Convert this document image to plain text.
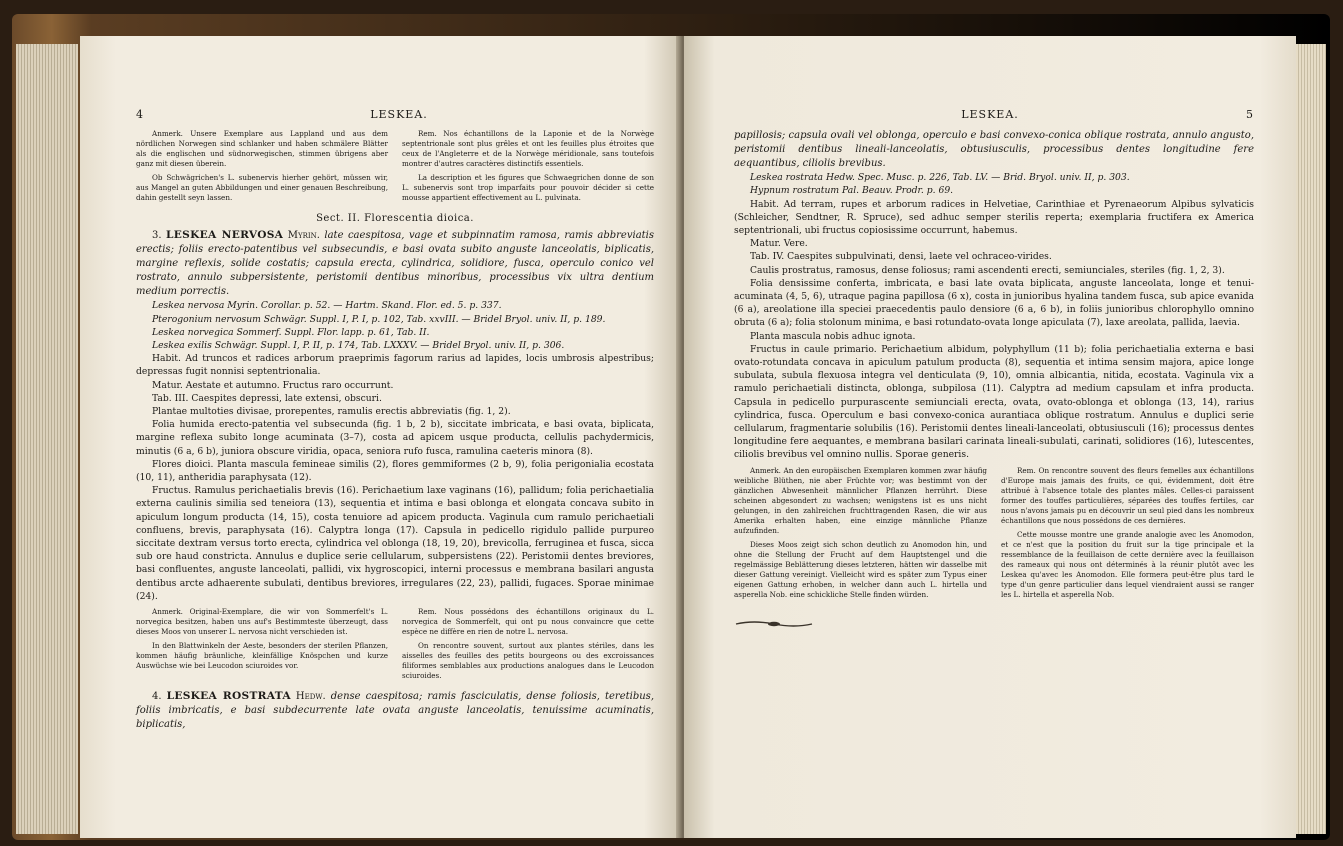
4	LESKEA.

Anmerk. Unsere Exemplare aus Lappland und aus dem nördlichen Norwegen sind schlanker und haben schmälere Blätter als die englischen und südnorwegischen, stimmen übrigens aber ganz mit diesen überein.

Ob Schwägrichen's L. subenervis hierher gehört, müssen wir, aus Mangel an guten Abbildungen und einer genauen Beschreibung, dahin gestellt seyn lassen.

Rem. Nos échantillons de la Laponie et de la Norwège septentrionale sont plus grêles et ont les feuilles plus étroites que ceux de l'Angleterre et de la Norwège méridionale, sans toutefois montrer d'autres caractères distinctifs essentiels.

La description et les figures que Schwaegrichen donne de son L. subenervis sont trop imparfaits pour pouvoir décider si cette mousse appartient effectivement au L. pulvinata.

Sect. II. Florescentia dioica.

3. LESKEA NERVOSA Myrin. late caespitosa, vage et subpinnatim ramosa, ramis abbreviatis erectis; foliis erecto-patentibus vel subsecundis, e basi ovata subito anguste lanceolatis, biplicatis, margine reflexis, solide costatis; capsula erecta, cylindrica, solidiore, fusca, operculo conico vel rostrato, annulo subpersistente, peristomii dentibus minoribus, processibus vix ultra dentium medium porrectis.

Leskea nervosa Myrin. Corollar. p. 52. — Hartm. Skand. Flor. ed. 5. p. 337.

Pterogonium nervosum Schwägr. Suppl. I, P. I, p. 102, Tab. xxvIII. — Bridel Bryol. univ. II, p. 189.

Leskea norvegica Sommerf. Suppl. Flor. lapp. p. 61, Tab. II.

Leskea exilis Schwägr. Suppl. I, P. II, p. 174, Tab. LXXXV. — Bridel Bryol. univ. II, p. 306.

Habit. Ad truncos et radices arborum praeprimis fagorum rarius ad lapides, locis umbrosis alpestribus; depressas fugit nonnisi septentrionalia.

Matur. Aestate et autumno. Fructus raro occurrunt.

Tab. III. Caespites depressi, late extensi, obscuri.

Plantae multoties divisae, prorepentes, ramulis erectis abbreviatis (fig. 1, 2).

Folia humida erecto-patentia vel subsecunda (fig. 1 b, 2 b), siccitate imbricata, e basi ovata, biplicata, margine reflexa subito longe acuminata (3–7), costa ad apicem usque producta, cellulis pachydermicis, minutis (6 a, 6 b), juniora obscure viridia, opaca, seniora rufo fusca, ramulina caeteris minora (8).

Flores dioici. Planta mascula femineae similis (2), flores gemmiformes (2 b, 9), folia perigonialia ecostata (10, 11), antheridia paraphysata (12).

Fructus. Ramulus perichaetialis brevis (16). Perichaetium laxe vaginans (16), pallidum; folia perichaetialia externa caulinis similia sed teneiora (13), sequentia et intima e basi oblonga et elongata concava subito in apiculum longum producta (14, 15), costa tenuiore ad apicem producta. Vaginula cum ramulo perichaetiali confluens, brevis, paraphysata (16). Calyptra longa (17). Capsula in pedicello rigidulo pallide purpureo siccitate dextram versus torto erecta, cylindrica vel oblonga (18, 19, 20), brevicolla, ferruginea et fusca, sicca sub ore haud constricta. Annulus e duplice serie cellularum, subpersistens (22). Peristomii dentes breviores, basi confluentes, anguste lanceolati, pallidi, vix hygroscopici, interni processus e membrana basilari angusta dentibus arcte adhaerente subulati, dentibus breviores, irregulares (22, 23), pallidi, fugaces. Sporae minimae (24).

Anmerk. Original-Exemplare, die wir von Sommerfelt's L. norvegica besitzen, haben uns auf's Bestimmteste überzeugt, dass dieses Moos von unserer L. nervosa nicht verschieden ist.

In den Blattwinkeln der Aeste, besonders der sterilen Pflanzen, kommen häufig bräunliche, kleinfällige Knöspchen und kurze Auswüchse wie bei Leucodon sciuroides vor.

Rem. Nous possédons des échantillons originaux du L. norvegica de Sommerfelt, qui ont pu nous convaincre que cette espèce ne diffère en rien de notre L. nervosa.

On rencontre souvent, surtout aux plantes stériles, dans les aisselles des feuilles des petits bourgeons ou des excroissances filiformes semblables aux productions analogues dans le Leucodon sciuroides.

4. LESKEA ROSTRATA Hedw. dense caespitosa; ramis fasciculatis, dense foliosis, teretibus, foliis imbricatis, e basi subdecurrente late ovata anguste lanceolatis, tenuissime acuminatis, biplicatis,

LESKEA.	5

papillosis; capsula ovali vel oblonga, operculo e basi convexo-conica oblique rostrata, annulo angusto, peristomii dentibus lineali-lanceolatis, obtusiusculis, processibus dentes longitudine fere aequantibus, ciliolis brevibus.

Leskea rostrata Hedw. Spec. Musc. p. 226, Tab. LV. — Brid. Bryol. univ. II, p. 303.

Hypnum rostratum Pal. Beauv. Prodr. p. 69.

Habit. Ad terram, rupes et arborum radices in Helvetiae, Carinthiae et Pyrenaeorum Alpibus sylvaticis (Schleicher, Sendtner, R. Spruce), sed adhuc semper sterilis reperta; exemplaria fructifera ex America septentrionali, ubi fructus copiosissime occurrunt, habemus.

Matur. Vere.

Tab. IV. Caespites subpulvinati, densi, laete vel ochraceo-virides.

Caulis prostratus, ramosus, dense foliosus; rami ascendenti erecti, semiunciales, steriles (fig. 1, 2, 3).

Folia densissime conferta, imbricata, e basi late ovata biplicata, anguste lanceolata, longe et tenui-acuminata (4, 5, 6), utraque pagina papillosa (6 x), costa in junioribus hyalina tandem fusca, sub apice evanida (6 a), areolatione illa speciei praecedentis paulo densiore (6 a, 6 b), in foliis junioribus chlorophyllo omnino obruta (6 a); folia stolonum minima, e basi rotundato-ovata longe apiculata (7), laxe areolata, pallida, laevia.

Planta mascula nobis adhuc ignota.

Fructus in caule primario. Perichaetium albidum, polyphyllum (11 b); folia perichaetialia externa e basi ovato-rotundata concava in apiculum patulum producta (8), sequentia et intima sensim majora, apice longe subulata, subula flexuosa integra vel denticulata (9, 10), omnia albicantia, nitida, ecostata. Vaginula vix a ramulo perichaetiali distincta, oblonga, subpilosa (11). Calyptra ad medium capsulam et infra producta. Capsula in pedicello purpurascente semiunciali erecta, ovata, ovato-oblonga et oblonga (13, 14), rarius cylindrica, fusca. Operculum e basi convexo-conica aurantiaca oblique rostratum. Annulus e duplici serie cellularum, fragmentarie solubilis (16). Peristomii dentes lineali-lanceolati, obtusiusculi (16); processus dentes longitudine fere aequantes, e membrana basilari carinata lineali-subulati, carinati, solidiores (16), lutescentes, ciliolis brevibus vel omnino nullis. Sporae generis.

Anmerk. An den europäischen Exemplaren kommen zwar häufig weibliche Blüthen, nie aber Früchte vor; was bestimmt von der gänzlichen Abwesenheit männlicher Pflanzen herrührt. Diese scheinen abgesondert zu wachsen; wenigstens ist es uns nicht gelungen, in den zahlreichen fruchttragenden Rasen, die wir aus Amerika erhalten haben, eine einzige männliche Pflanze aufzufinden.

Dieses Moos zeigt sich schon deutlich zu Anomodon hin, und ohne die Stellung der Frucht auf dem Hauptstengel und die regelmässige Beblätterung dieses letzteren, hätten wir dasselbe mit dieser Gattung vereinigt. Vielleicht wird es später zum Typus einer eigenen Gattung erhoben, in welcher dann auch L. hirtella und asperella Nob. eine schickliche Stelle finden würden.

Rem. On rencontre souvent des fleurs femelles aux échantillons d'Europe mais jamais des fruits, ce qui, évidemment, doit être attribué à l'absence totale des plantes mâles. Celles-ci paraissent former des touffes particulières, séparées des touffes fertiles, car nous n'avons jamais pu en découvrir un seul pied dans les nombreux échantillons que nous possédons de ces dernières.

Cette mousse montre une grande analogie avec les Anomodon, et ce n'est que la position du fruit sur la tige principale et la ressemblance de la feuillaison de cette dernière avec la feuillaison des rameaux qui nous ont déterminés à la réunir plutôt avec les Leskea qu'avec les Anomodon. Elle formera peut-être plus tard le type d'un genre particulier dans lequel viendraient aussi se ranger les L. hirtella et asperella Nob.
